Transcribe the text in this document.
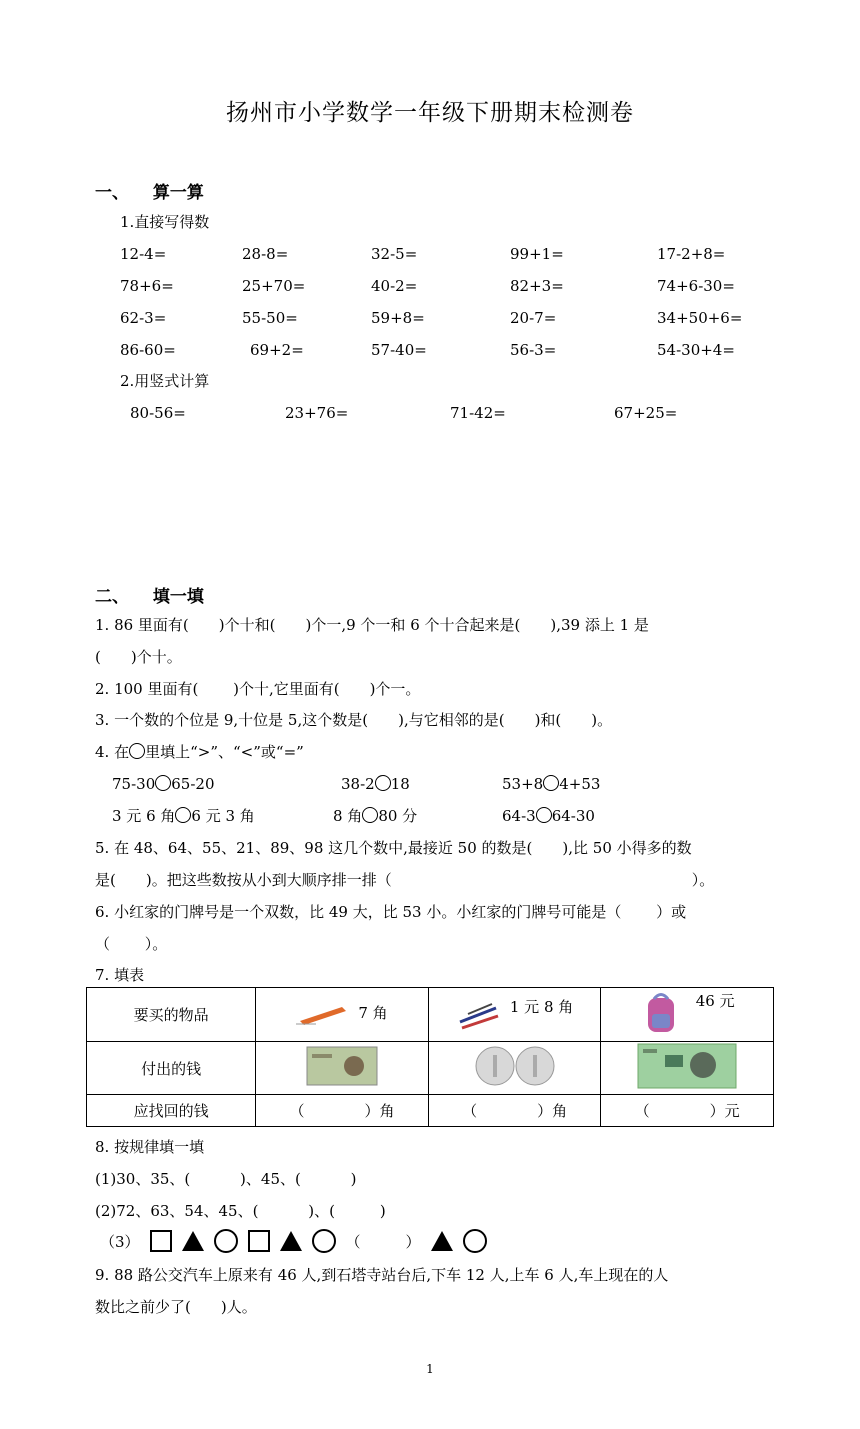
扬州市小学数学一年级下册期末检测卷
一、 算一算
1.直接写得数
12-4=	28-8=	32-5=	99+1=	17-2+8=
78+6=	25+70=	40-2=	82+3=	74+6-30=
62-3=	55-50=	59+8=	20-7=	34+50+6=
86-60=	69+2=	57-40=	56-3=	54-30+4=
2.用竖式计算
80-56=	23+76=	71-42=	67+25=
二、 填一填
1. 86 里面有(　　)个十和(　　)个一,9 个一和 6 个十合起来是(　　),39 添上 1 是
(　　)个十。
2. 100 里面有(　　 )个十,它里面有(　　)个一。
3. 一个数的个位是 9,十位是 5,这个数是(　　),与它相邻的是(　　)和(　　)。
4. 在 里填上“>”、“<”或“=”
75-30 65-20	38-2 18	53+8 4+53
3 元 6 角 6 元 3 角	8 角 80 分	64-3 64-30
5. 在 48、64、55、21、89、98 这几个数中,最接近 50 的数是(　　),比 50 小得多的数
是(　　)。把这些数按从小到大顺序排一排（　　　　　　　　　　　　　　　　　　　　）。
6. 小红家的门牌号是一个双数，比 49 大，比 53 小。小红家的门牌号可能是（　　 ）或
（　　 ）。
7. 填表
要买的物品	7 角	1 元 8 角	46 元

付出的钱			
应找回的钱	（　　　　）角	（　　　　）角	（　　　　）元
8. 按规律填一填
(1)30、35、(　　　 )、45、(　　　 )
(2)72、63、54、45、(　　　 )、(　　　)
（3）	（　　　）
9. 88 路公交汽车上原来有 46 人,到石塔寺站台后,下车 12 人,上车 6 人,车上现在的人
数比之前少了(　　)人。
1
